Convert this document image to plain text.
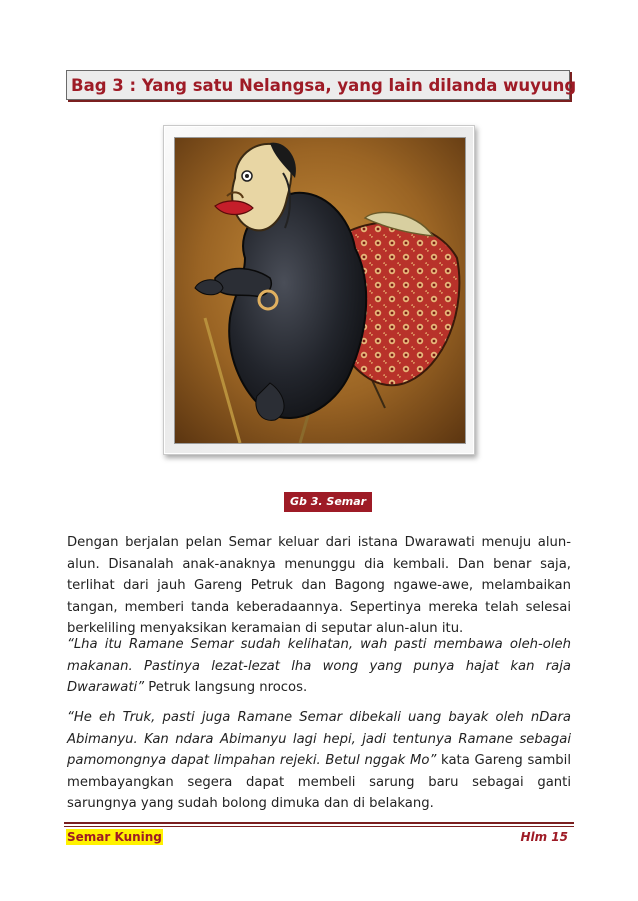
Bag 3 : Yang satu Nelangsa, yang lain dilanda wuyung
Gb 3. Semar

Dengan berjalan pelan Semar keluar dari istana Dwarawati menuju alun-alun. Disanalah anak-anaknya menunggu dia kembali. Dan benar saja, terlihat dari jauh Gareng Petruk dan Bagong ngawe-awe, melambaikan tangan, memberi tanda keberadaannya. Sepertinya mereka telah selesai berkeliling menyaksikan keramaian di seputar alun-alun itu.

“Lha itu Ramane Semar sudah kelihatan, wah pasti membawa oleh-oleh makanan. Pastinya lezat-lezat lha wong yang punya hajat kan raja Dwarawati” Petruk langsung nrocos.

“He eh Truk, pasti juga Ramane Semar dibekali uang bayak oleh nDara Abimanyu. Kan ndara Abimanyu lagi hepi, jadi tentunya Ramane sebagai pamomongnya dapat limpahan rejeki. Betul nggak Mo” kata Gareng sambil membayangkan segera dapat membeli sarung baru sebagai ganti sarungnya yang sudah bolong dimuka dan di belakang.

Semar Kuning	Hlm 15
